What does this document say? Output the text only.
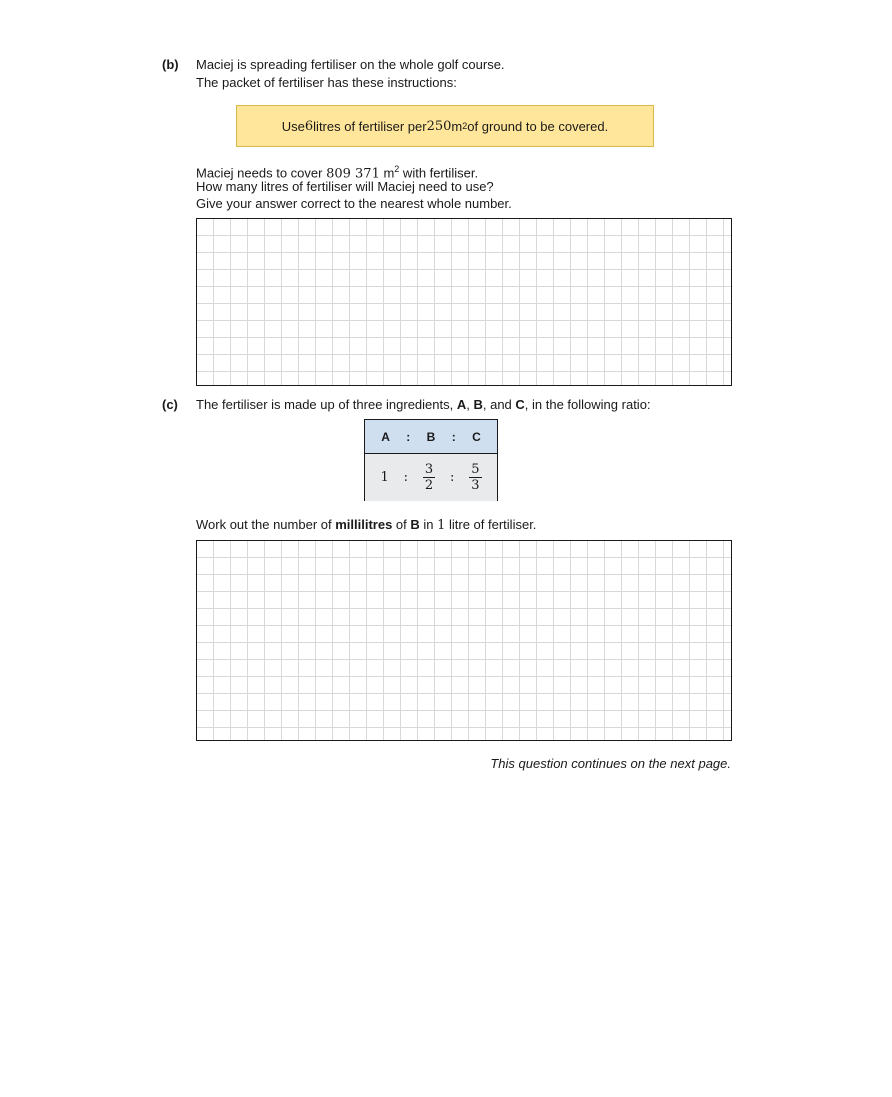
(b) Maciej is spreading fertiliser on the whole golf course.
The packet of fertiliser has these instructions:
Use 6 litres of fertiliser per 250 m 2 of ground to be covered.
Maciej needs to cover 809 371 $m^2$ with fertiliser.
How many litres of fertiliser will Maciej need to use?
Give your answer correct to the nearest whole number.
(c) The fertiliser is made up of three ingredients, A, B, and C, in the following ratio:
A : B : C
1 : $\frac{3}{2}$ : $\frac{5}{3}$
Work out the number of millilitres of B in 1 litre of fertiliser.
This question continues on the next page.
